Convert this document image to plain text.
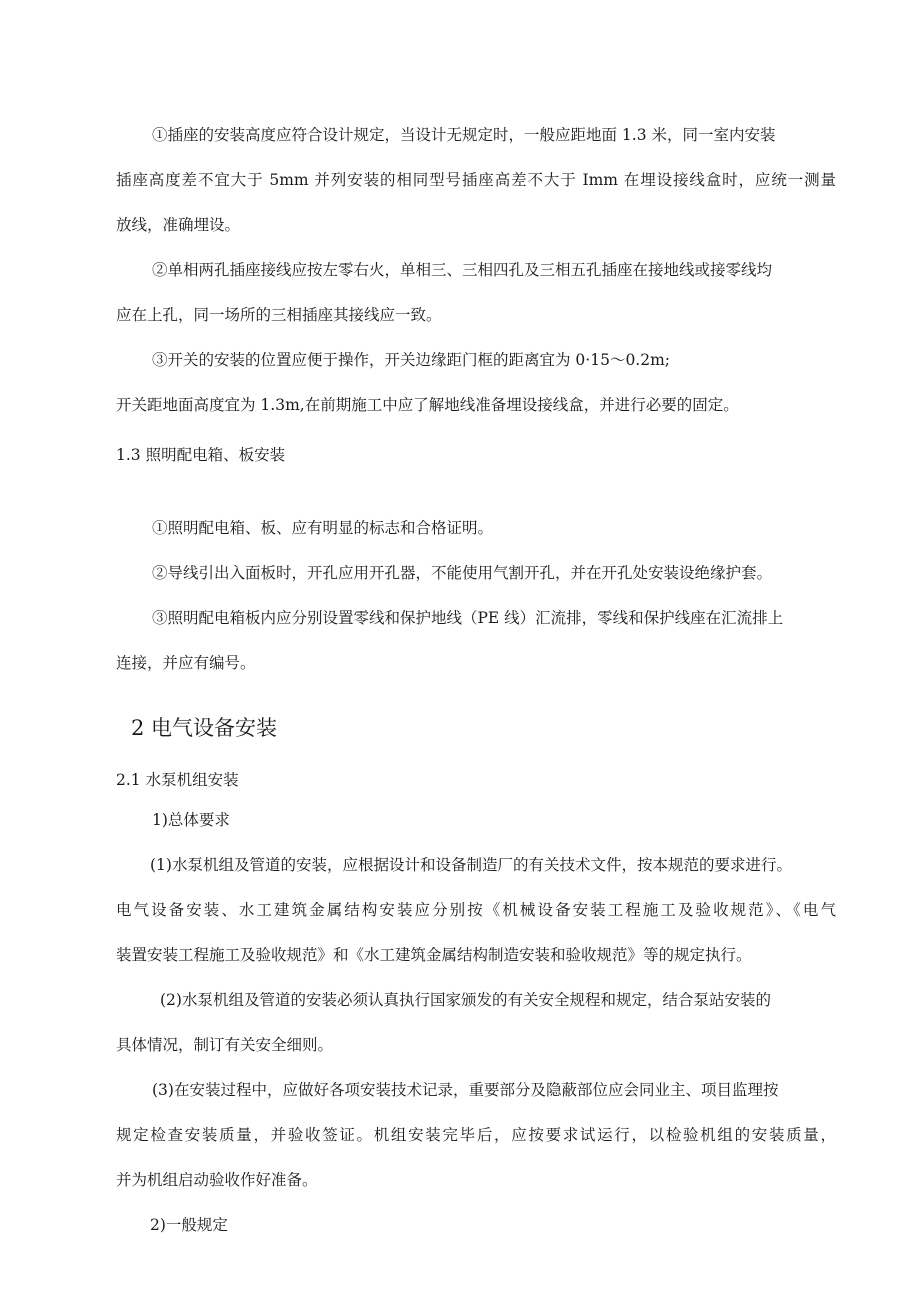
①插座的安装高度应符合设计规定，当设计无规定时，一般应距地面 1.3 米，同一室内安装
插座高度差不宜大于 5mm 并列安装的相同型号插座高差不大于 Imm 在埋设接线盒时，应统一测量
放线，准确埋设。
②单相两孔插座接线应按左零右火，单相三、三相四孔及三相五孔插座在接地线或接零线均
应在上孔，同一场所的三相插座其接线应一致。
③开关的安装的位置应便于操作，开关边缘距门框的距离宜为 0·15～0.2m;
开关距地面高度宜为 1.3m,在前期施工中应了解地线准备埋设接线盒，并进行必要的固定。
1.3 照明配电箱、板安装
①照明配电箱、板、应有明显的标志和合格证明。
②导线引出入面板时，开孔应用开孔器，不能使用气割开孔，并在开孔处安装设绝缘护套。
③照明配电箱板内应分别设置零线和保护地线（PE 线）汇流排，零线和保护线座在汇流排上
连接，并应有编号。
2 电气设备安装
2.1 水泵机组安装
1)总体要求
(1)水泵机组及管道的安装，应根据设计和设备制造厂的有关技术文件，按本规范的要求进行。
电气设备安装、水工建筑金属结构安装应分别按《机械设备安装工程施工及验收规范》、《电气
装置安装工程施工及验收规范》和《水工建筑金属结构制造安装和验收规范》等的规定执行。
(2)水泵机组及管道的安装必须认真执行国家颁发的有关安全规程和规定，结合泵站安装的
具体情况，制订有关安全细则。
(3)在安装过程中，应做好各项安装技术记录，重要部分及隐蔽部位应会同业主、项目监理按
规定检查安装质量，并验收签证。机组安装完毕后，应按要求试运行，以检验机组的安装质量，
并为机组启动验收作好准备。
2)一般规定
